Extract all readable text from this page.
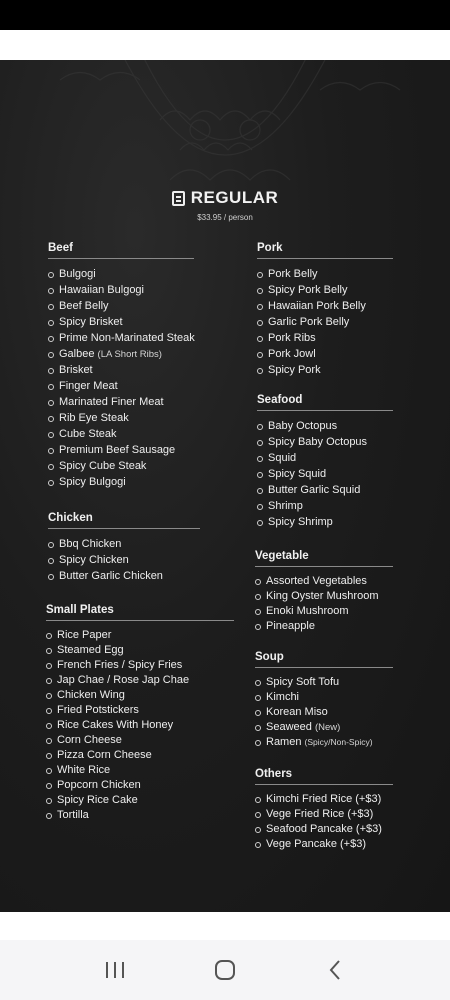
REGULAR
$33.95 / person
Beef
Bulgogi
Hawaiian Bulgogi
Beef Belly
Spicy Brisket
Prime Non-Marinated Steak
Galbee (LA Short Ribs)
Brisket
Finger Meat
Marinated Finer Meat
Rib Eye Steak
Cube Steak
Premium Beef Sausage
Spicy Cube Steak
Spicy Bulgogi
Chicken
Bbq Chicken
Spicy Chicken
Butter Garlic Chicken
Small Plates
Rice Paper
Steamed Egg
French Fries / Spicy Fries
Jap Chae / Rose Jap Chae
Chicken Wing
Fried Potstickers
Rice Cakes With Honey
Corn Cheese
Pizza Corn Cheese
White Rice
Popcorn Chicken
Spicy Rice Cake
Tortilla
Pork
Pork Belly
Spicy Pork Belly
Hawaiian Pork Belly
Garlic Pork Belly
Pork Ribs
Pork Jowl
Spicy Pork
Seafood
Baby Octopus
Spicy Baby Octopus
Squid
Spicy Squid
Butter Garlic Squid
Shrimp
Spicy Shrimp
Vegetable
Assorted Vegetables
King Oyster Mushroom
Enoki Mushroom
Pineapple
Soup
Spicy Soft Tofu
Kimchi
Korean Miso
Seaweed (New)
Ramen (Spicy/Non-Spicy)
Others
Kimchi Fried Rice (+$3)
Vege Fried Rice (+$3)
Seafood Pancake (+$3)
Vege Pancake (+$3)
